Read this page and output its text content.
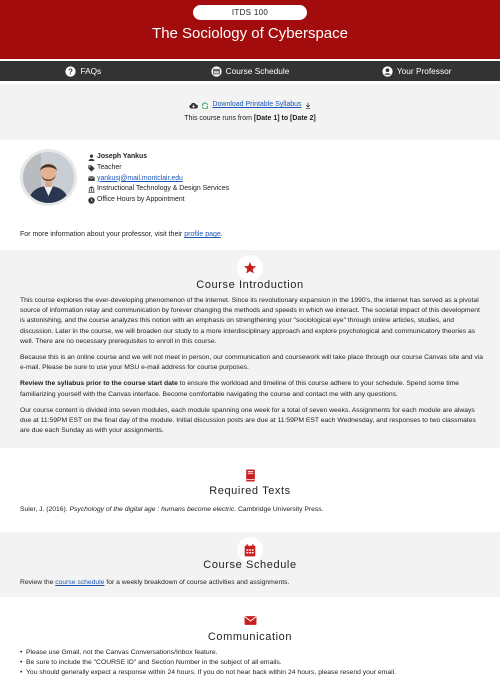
ITDS 100
The Sociology of Cyberspace
? FAQs	Course Schedule	Your Professor
Download Printable Syllabus
This course runs from [Date 1] to [Date 2]
Joseph Yankus
Teacher
yankusj@mail.montclair.edu
Instructional Technology & Design Services
Office Hours by Appointment
For more information about your professor, visit their profile page.
Course Introduction

This course explores the ever-developing phenomenon of the internet. Since its revolutionary expansion in the 1990's, the internet has served as a pivotal source of information relay and communication by forever changing the methods and speeds in which we interact. The societal impact of this development is astonishing, and the course analyzes this notion with an emphasis on strengthening your "sociological eye" through online articles, studies, and discussion. Later in the course, we will broaden our study to a more interdisciplinary approach and explore psychological and communicatory theories as well. There are no necessary prerequisites to enroll in this course.

Because this is an online course and we will not meet in person, our communication and coursework will take place through our course Canvas site and via e-mail. Please be sure to use your MSU e-mail address for course purposes.

Review the syllabus prior to the course start date to ensure the workload and timeline of this course adhere to your schedule. Spend some time familiarizing yourself with the Canvas interface. Become comfortable navigating the course and contact me with any questions.

Our course content is divided into seven modules, each module spanning one week for a total of seven weeks. Assignments for each module are always due at 11:59PM EST on the final day of the module. Initial discussion posts are due at 11:59PM EST each Wednesday, and responses to two classmates are due each Sunday as with your assignments.

Required Texts
Suler, J. (2016). Psychology of the digital age : humans become electric. Cambridge University Press.
Course Schedule
Review the course schedule for a weekly breakdown of course activities and assignments.
Communication
• Please use Gmail, not the Canvas Conversations/Inbox feature.
• Be sure to include the "COURSE ID" and Section Number in the subject of all emails.
• You should generally expect a response within 24 hours. If you do not hear back within 24 hours, please resend your email.
